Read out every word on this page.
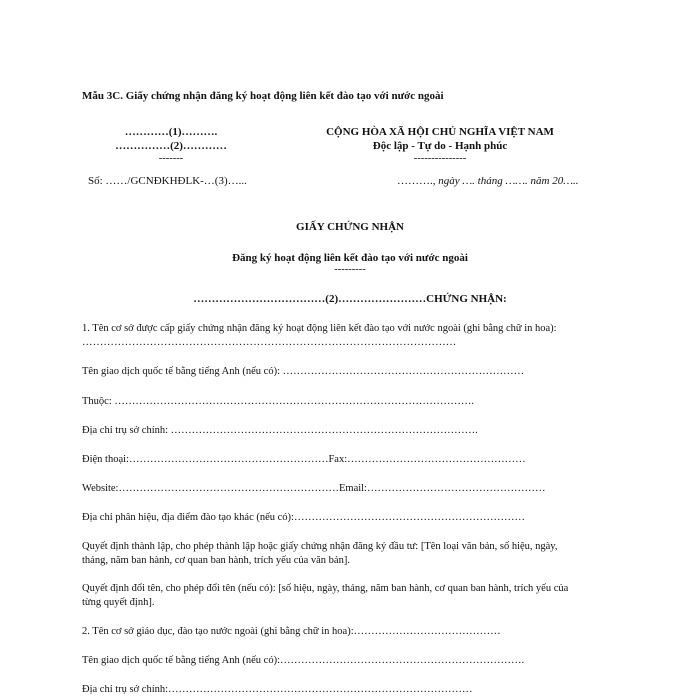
Mẫu 3C. Giấy chứng nhận đăng ký hoạt động liên kết đào tạo với nước ngoài
…………(1)……….
……………(2)…………
-------
Số: ……/GCNĐKHĐLK-…(3)…...
CỘNG HÒA XÃ HỘI CHỦ NGHĨA VIỆT NAM
Độc lập - Tự do - Hạnh phúc
---------------
………., ngày …. tháng ……. năm 20…..
GIẤY CHỨNG NHẬN
Đăng ký hoạt động liên kết đào tạo với nước ngoài
---------
………………………………(2)……………………CHỨNG NHẬN:
1. Tên cơ sở được cấp giấy chứng nhận đăng ký hoạt động liên kết đào tạo với nước ngoài (ghi bằng chữ in hoa):
……………………………………………………………………………………………
Tên giao dịch quốc tế bằng tiếng Anh (nếu có): ……………………………………………………………
Thuộc: ………………………………………………………………………………………….
Địa chỉ trụ sở chính: …………………………………………………………………………….
Điện thoại:…………………………………………………Fax:……………………………………………
Website:………………………………………………………Email:……………………………………………
Địa chỉ phân hiệu, địa điểm đào tạo khác (nếu có):…………………………………………………………
Quyết định thành lập, cho phép thành lập hoặc giấy chứng nhận đăng ký đầu tư: [Tên loại văn bản, số hiệu, ngày,
tháng, năm ban hành, cơ quan ban hành, trích yếu của văn bản].
Quyết định đổi tên, cho phép đổi tên (nếu có): [số hiệu, ngày, tháng, năm ban hành, cơ quan ban hành, trích yếu của
từng quyết định].
2. Tên cơ sở giáo dục, đào tạo nước ngoài (ghi bằng chữ in hoa):……………………………………
Tên giao dịch quốc tế bằng tiếng Anh (nếu có):…………………………………………………………….
Địa chỉ trụ sở chính:……………………………………………………………………………
